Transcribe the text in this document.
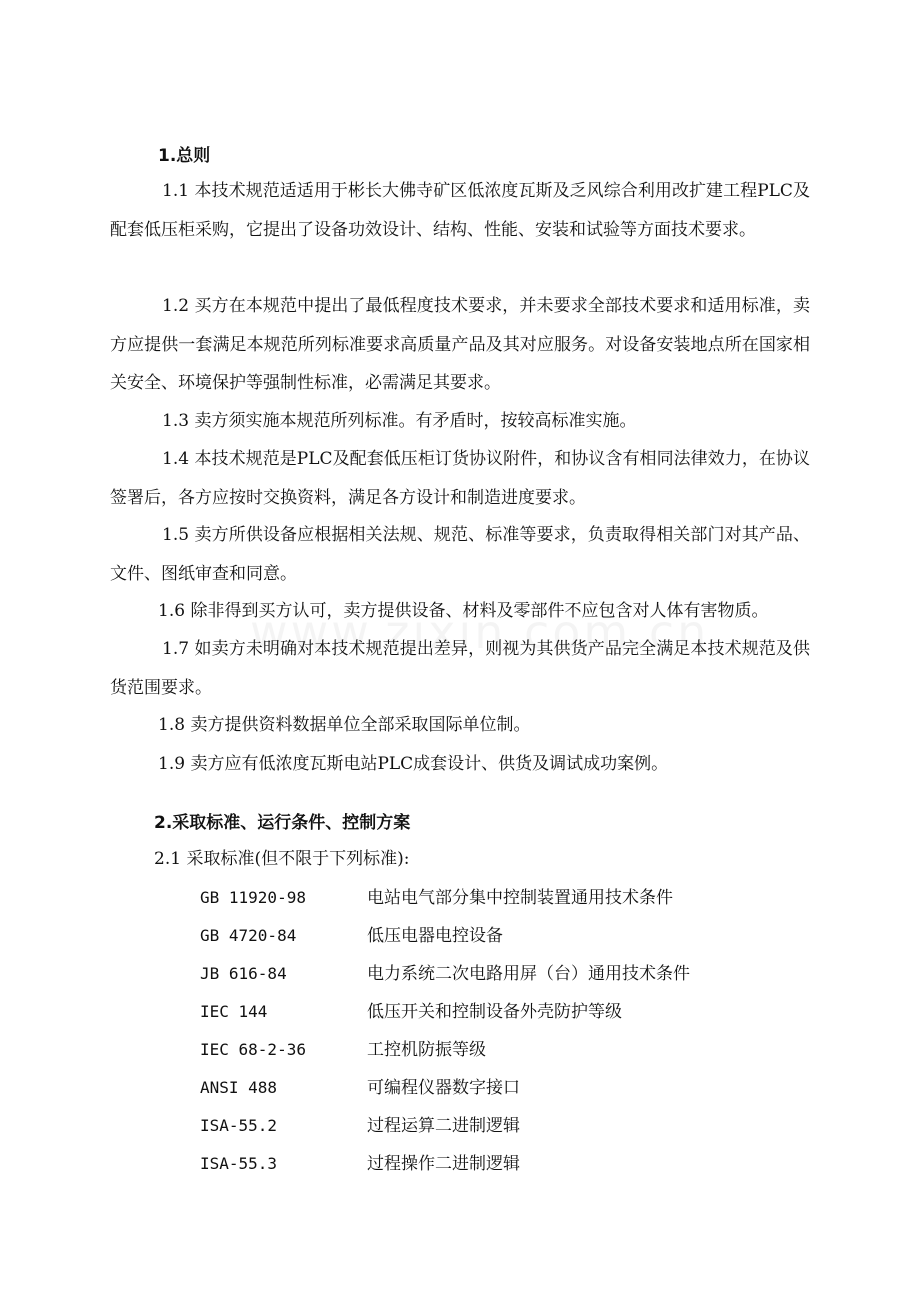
1.总则

1.1 本技术规范适适用于彬长大佛寺矿区低浓度瓦斯及乏风综合利用改扩建工程PLC及配套低压柜采购，它提出了设备功效设计、结构、性能、安装和试验等方面技术要求。

1.2 买方在本规范中提出了最低程度技术要求，并未要求全部技术要求和适用标准，卖方应提供一套满足本规范所列标准要求高质量产品及其对应服务。对设备安装地点所在国家相关安全、环境保护等强制性标准，必需满足其要求。

1.3 卖方须实施本规范所列标准。有矛盾时，按较高标准实施。

1.4 本技术规范是PLC及配套低压柜订货协议附件，和协议含有相同法律效力，在协议签署后，各方应按时交换资料，满足各方设计和制造进度要求。

1.5 卖方所供设备应根据相关法规、规范、标准等要求，负责取得相关部门对其产品、文件、图纸审查和同意。

1.6 除非得到买方认可，卖方提供设备、材料及零部件不应包含对人体有害物质。

1.7 如卖方未明确对本技术规范提出差异，则视为其供货产品完全满足本技术规范及供货范围要求。

1.8 卖方提供资料数据单位全部采取国际单位制。

1.9 卖方应有低浓度瓦斯电站PLC成套设计、供货及调试成功案例。

2.采取标准、运行条件、控制方案

2.1 采取标准(但不限于下列标准):

GB 11920-98	电站电气部分集中控制装置通用技术条件
GB 4720-84	低压电器电控设备
JB 616-84	电力系统二次电路用屏（台）通用技术条件
IEC 144	低压开关和控制设备外壳防护等级
IEC 68-2-36	工控机防振等级
ANSI 488	可编程仪器数字接口
ISA-55.2	过程运算二进制逻辑
ISA-55.3	过程操作二进制逻辑
